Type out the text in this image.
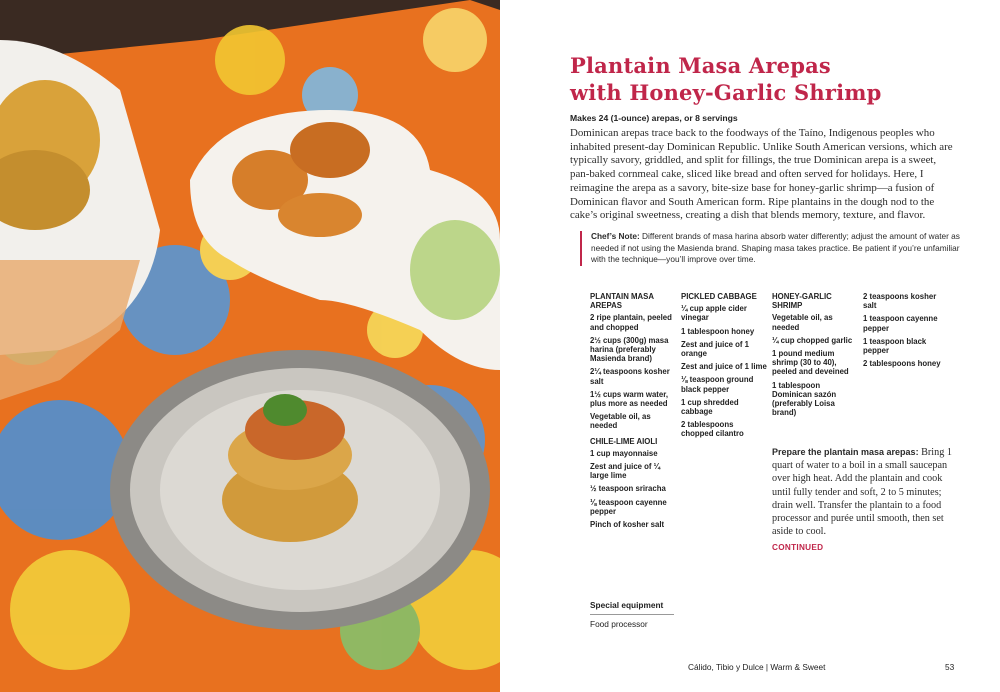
Plantain Masa Arepas
with Honey-Garlic Shrimp
Makes 24 (1-ounce) arepas, or 8 servings
Dominican arepas trace back to the foodways of the Taíno, Indigenous peoples who inhabited present-day Dominican Republic. Unlike South American versions, which are typically savory, griddled, and split for fillings, the true Dominican arepa is a sweet, pan-baked cornmeal cake, sliced like bread and often served for holidays. Here, I reimagine the arepa as a savory, bite-size base for honey-garlic shrimp—a fusion of Dominican flavor and South American form. Ripe plantains in the dough nod to the cake’s original sweetness, creating a dish that blends memory, texture, and flavor.
Chef’s Note: Different brands of masa harina absorb water differently; adjust the amount of water as needed if not using the Masienda brand. Shaping masa takes practice. Be patient if you’re unfamiliar with the technique—you’ll improve over time.
PLANTAIN MASA AREPAS
2 ripe plantain, peeled and chopped
2½ cups (300g) masa harina (preferably Masienda brand)
2¼ teaspoons kosher salt
1½ cups warm water, plus more as needed
Vegetable oil, as needed
CHILE-LIME AIOLI
1 cup mayonnaise
Zest and juice of ¼ large lime
½ teaspoon sriracha
⅛ teaspoon cayenne pepper
Pinch of kosher salt
PICKLED CABBAGE
¼ cup apple cider vinegar
1 tablespoon honey
Zest and juice of 1 orange
Zest and juice of 1 lime
⅛ teaspoon ground black pepper
1 cup shredded cabbage
2 tablespoons chopped cilantro
HONEY-GARLIC SHRIMP
Vegetable oil, as needed
¼ cup chopped garlic
1 pound medium shrimp (30 to 40), peeled and deveined
1 tablespoon Dominican sazón (preferably Loisa brand)
2 teaspoons kosher salt
1 teaspoon cayenne pepper
1 teaspoon black pepper
2 tablespoons honey
Prepare the plantain masa arepas: Bring 1 quart of water to a boil in a small saucepan over high heat. Add the plantain and cook until fully tender and soft, 2 to 5 minutes; drain well. Transfer the plantain to a food processor and purée until smooth, then set aside to cool.
CONTINUED
Special equipment
Food processor
Cálido, Tibio y Dulce | Warm & Sweet	53
